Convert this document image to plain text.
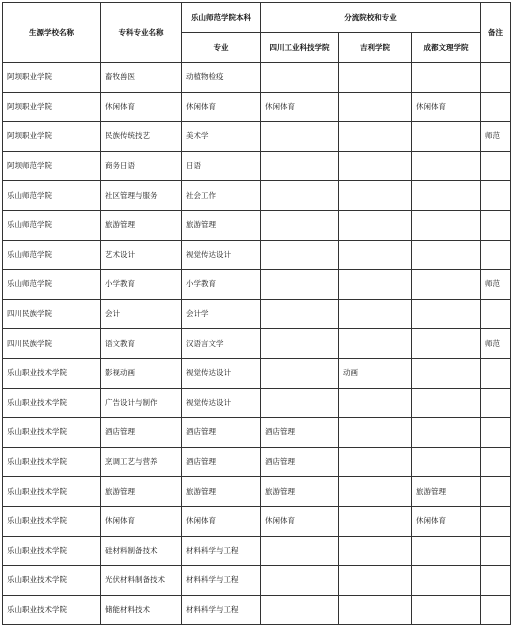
生源学校名称	专科专业名称	乐山师范学院本科	分流院校和专业			备注
		专业	四川工业科技学院	吉利学院	成都文理学院	
阿坝职业学院	畜牧兽医	动植物检疫				
阿坝职业学院	休闲体育	休闲体育	休闲体育		休闲体育	
阿坝职业学院	民族传统技艺	美术学				师范
阿坝师范学院	商务日语	日语				
乐山师范学院	社区管理与服务	社会工作				
乐山师范学院	旅游管理	旅游管理				
乐山师范学院	艺术设计	视觉传达设计				
乐山师范学院	小学教育	小学教育				师范
四川民族学院	会计	会计学				
四川民族学院	语文教育	汉语言文学				师范
乐山职业技术学院	影视动画	视觉传达设计		动画		
乐山职业技术学院	广告设计与制作	视觉传达设计				
乐山职业技术学院	酒店管理	酒店管理	酒店管理			
乐山职业技术学院	烹调工艺与营养	酒店管理	酒店管理			
乐山职业技术学院	旅游管理	旅游管理	旅游管理		旅游管理	
乐山职业技术学院	休闲体育	休闲体育	休闲体育		休闲体育	
乐山职业技术学院	硅材料制备技术	材料科学与工程				
乐山职业技术学院	光伏材料制备技术	材料科学与工程				
乐山职业技术学院	储能材料技术	材料科学与工程				
